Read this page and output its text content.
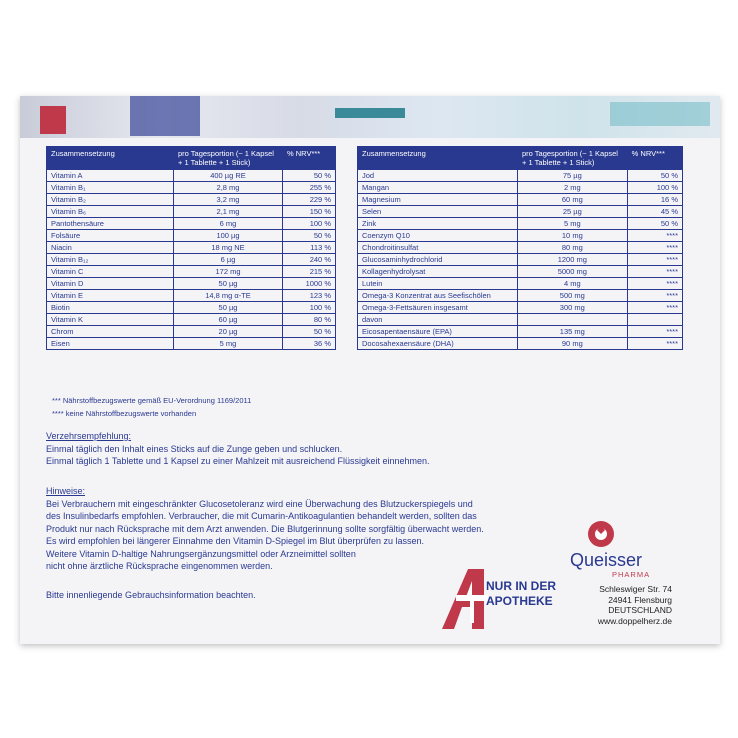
Zusammensetzung	pro Tagesportion (~ 1 Kapsel + 1 Tablette + 1 Stick)	% NRV***
Vitamin A	400 µg RE	50 %
Vitamin B₁	2,8 mg	255 %
Vitamin B₂	3,2 mg	229 %
Vitamin B₆	2,1 mg	150 %
Pantothensäure	6 mg	100 %
Folsäure	100 µg	50 %
Niacin	18 mg NE	113 %
Vitamin B₁₂	6 µg	240 %
Vitamin C	172 mg	215 %
Vitamin D	50 µg	1000 %
Vitamin E	14,8 mg α-TE	123 %
Biotin	50 µg	100 %
Vitamin K	60 µg	80 %
Chrom	20 µg	50 %
Eisen	5 mg	36 %
Zusammensetzung	pro Tagesportion (~ 1 Kapsel + 1 Tablette + 1 Stick)	% NRV***
Jod	75 µg	50 %
Mangan	2 mg	100 %
Magnesium	60 mg	16 %
Selen	25 µg	45 %
Zink	5 mg	50 %
Coenzym Q10	10 mg	****
Chondroitinsulfat	80 mg	****
Glucosaminhydrochlorid	1200 mg	****
Kollagenhydrolysat	5000 mg	****
Lutein	4 mg	****
Omega-3 Konzentrat aus Seefischölen	500 mg	****
Omega-3-Fettsäuren insgesamt	300 mg	****
davon		
Eicosapentaensäure (EPA)	135 mg	****
Docosahexaensäure (DHA)	90 mg	****
*** Nährstoffbezugswerte gemäß EU-Verordnung 1169/2011
**** keine Nährstoffbezugswerte vorhanden
Verzehrsempfehlung:
Einmal täglich den Inhalt eines Sticks auf die Zunge geben und schlucken.
Einmal täglich 1 Tablette und 1 Kapsel zu einer Mahlzeit mit ausreichend Flüssigkeit einnehmen.
Hinweise:
Bei Verbrauchern mit eingeschränkter Glucosetoleranz wird eine Überwachung des Blutzuckerspiegels und
des Insulinbedarfs empfohlen. Verbraucher, die mit Cumarin-Antikoagulantien behandelt werden, sollten das
Produkt nur nach Rücksprache mit dem Arzt anwenden. Die Blutgerinnung sollte sorgfältig überwacht werden.
Es wird empfohlen bei längerer Einnahme den Vitamin D-Spiegel im Blut überprüfen zu lassen.
Weitere Vitamin D-haltige Nahrungsergänzungsmittel oder Arzneimittel sollten
nicht ohne ärztliche Rücksprache eingenommen werden.
Bitte innenliegende Gebrauchsinformation beachten.
NUR IN DER
APOTHEKE
Queisser
PHARMA
Schleswiger Str. 74
24941 Flensburg
DEUTSCHLAND
www.doppelherz.de
